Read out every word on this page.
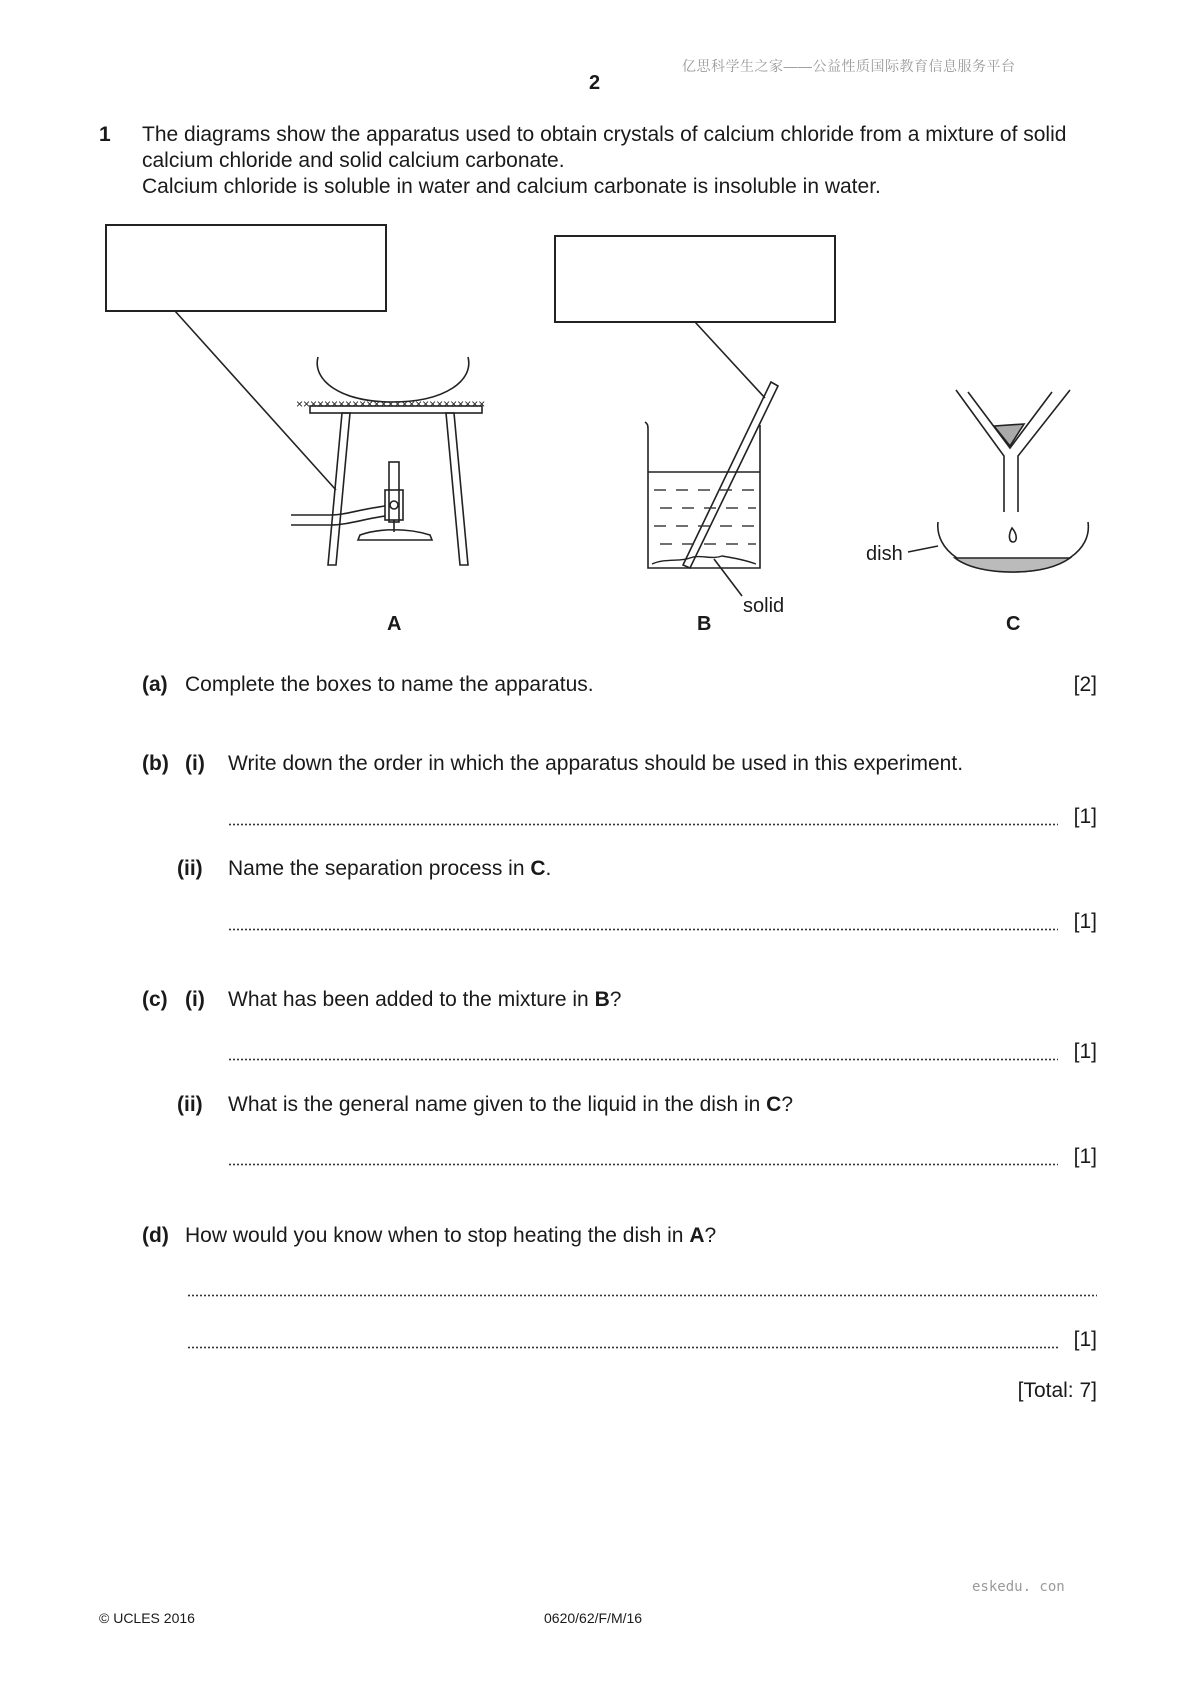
亿思科学生之家——公益性质国际教育信息服务平台
2
1 The diagrams show the apparatus used to obtain crystals of calcium chloride from a mixture of solid
calcium chloride and solid calcium carbonate.
Calcium chloride is soluble in water and calcium carbonate is insoluble in water.
×××××××××××××××××××××××××××
solid
dish
A	B	C
(a) Complete the boxes to name the apparatus.	[2]
(b) (i) Write down the order in which the apparatus should be used in this experiment.
[1]
(ii) Name the separation process in C.
[1]
(c) (i) What has been added to the mixture in B?
[1]
(ii) What is the general name given to the liquid in the dish in C?
[1]
(d) How would you know when to stop heating the dish in A?
[1]
[Total: 7]
eskedu. con
© UCLES 2016	0620/62/F/M/16
